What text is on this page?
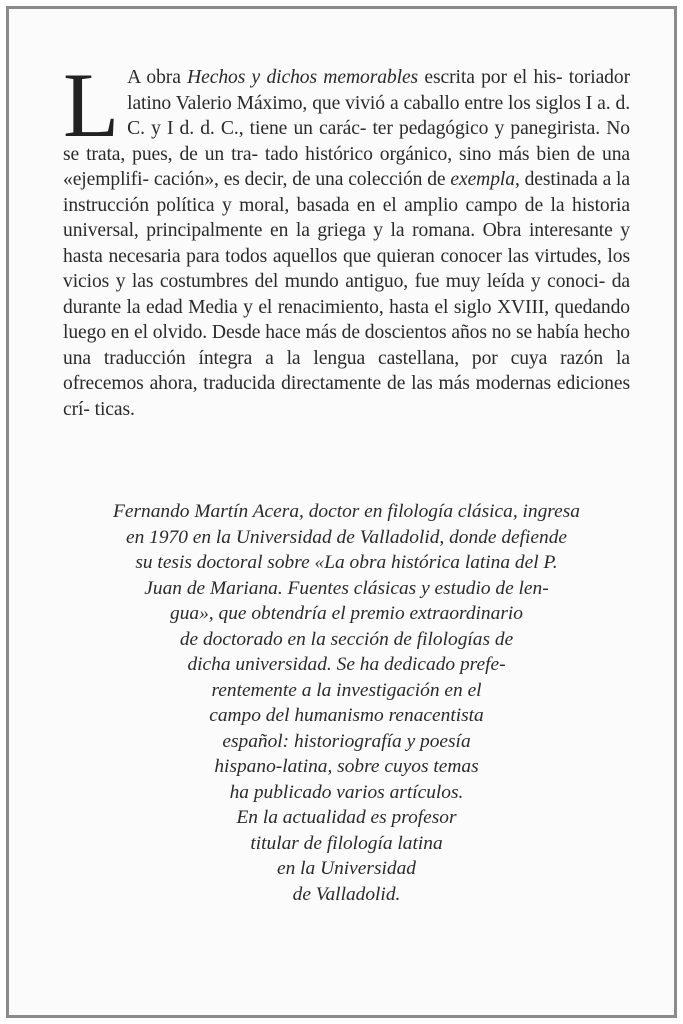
L A obra Hechos y dichos memorables escrita por el his- toriador latino Valerio Máximo, que vivió a caballo entre los siglos I a. d. C. y I d. d. C., tiene un carác- ter pedagógico y panegirista. No se trata, pues, de un tra- tado histórico orgánico, sino más bien de una «ejemplifi- cación», es decir, de una colección de exempla, destinada a la instrucción política y moral, basada en el amplio campo de la historia universal, principalmente en la griega y la romana. Obra interesante y hasta necesaria para todos aquellos que quieran conocer las virtudes, los vicios y las costumbres del mundo antiguo, fue muy leída y conoci- da durante la edad Media y el renacimiento, hasta el siglo XVIII, quedando luego en el olvido. Desde hace más de doscientos años no se había hecho una traducción íntegra a la lengua castellana, por cuya razón la ofrecemos ahora, traducida directamente de las más modernas ediciones crí- ticas.

Fernando Martín Acera, doctor en filología clásica, ingresa
en 1970 en la Universidad de Valladolid, donde defiende
su tesis doctoral sobre «La obra histórica latina del P.
Juan de Mariana. Fuentes clásicas y estudio de len-
gua», que obtendría el premio extraordinario
de doctorado en la sección de filologías de
dicha universidad. Se ha dedicado prefe-
rentemente a la investigación en el
campo del humanismo renacentista
español: historiografía y poesía
hispano-latina, sobre cuyos temas
ha publicado varios artículos.
En la actualidad es profesor
titular de filología latina
en la Universidad
de Valladolid.
